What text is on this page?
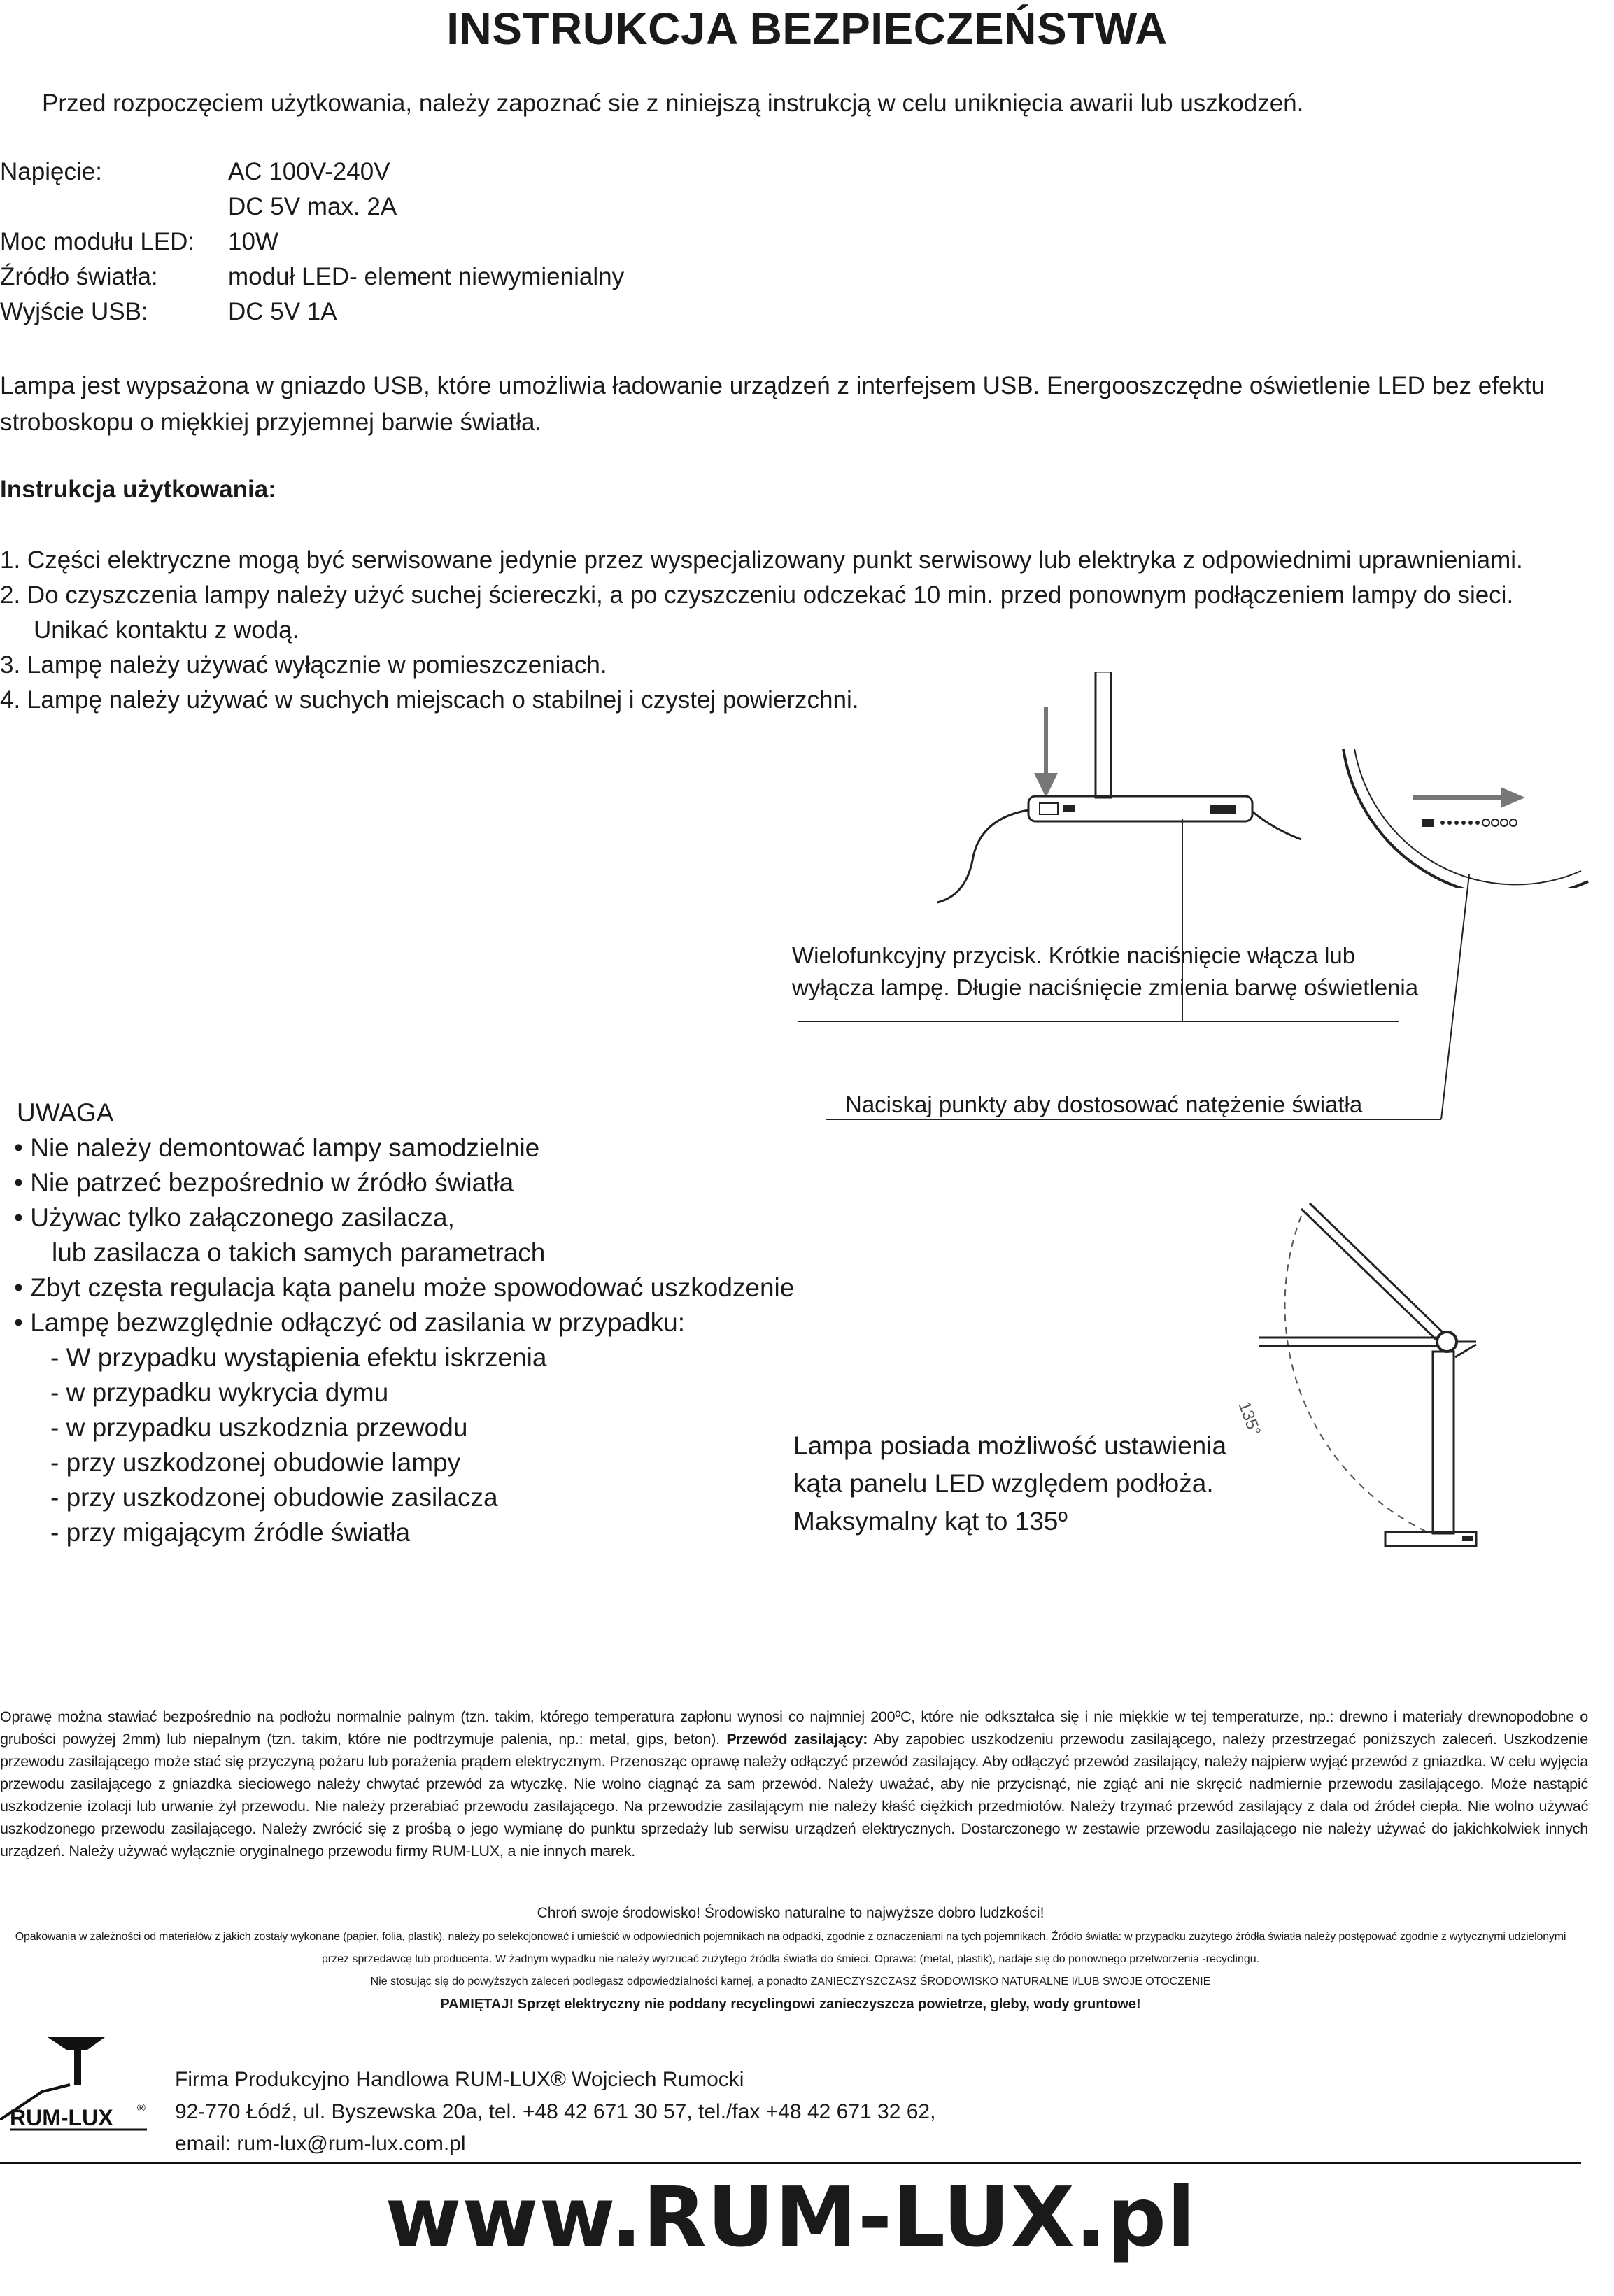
INSTRUKCJA BEZPIECZEŃSTWA
Przed rozpoczęciem użytkowania, należy zapoznać sie z niniejszą instrukcją w celu uniknięcia awarii lub uszkodzeń.
Napięcie:	AC 100V-240V
DC 5V max. 2A
Moc modułu LED: 10W
Źródło światła:	moduł LED- element niewymienialny
Wyjście USB:	DC 5V 1A
Lampa jest wypsażona w gniazdo USB, które umożliwia ładowanie urządzeń z interfejsem USB. Energooszczędne oświetlenie LED bez efektu stroboskopu o miękkiej przyjemnej barwie światła.
Instrukcja użytkowania:
1. Części elektryczne mogą być serwisowane jedynie przez wyspecjalizowany punkt serwisowy lub elektryka z odpowiednimi uprawnieniami.
2. Do czyszczenia lampy należy użyć suchej ściereczki, a po czyszczeniu odczekać 10 min. przed ponownym podłączeniem lampy do sieci.
Unikać kontaktu z wodą.
3. Lampę należy używać wyłącznie w pomieszczeniach.
4. Lampę należy używać w suchych miejscach o stabilnej i czystej powierzchni.
Wielofunkcyjny przycisk. Krótkie naciśnięcie włącza lub
wyłącza lampę. Długie naciśnięcie zmienia barwę oświetlenia
Naciskaj punkty aby dostosować natężenie światła
UWAGA
• Nie należy demontować lampy samodzielnie
• Nie patrzeć bezpośrednio w źródło światła
• Używac tylko załączonego zasilacza,
lub zasilacza o takich samych parametrach
• Zbyt częsta regulacja kąta panelu może spowodować uszkodzenie
• Lampę bezwzględnie odłączyć od zasilania w przypadku:
- W przypadku wystąpienia efektu iskrzenia
- w przypadku wykrycia dymu
- w przypadku uszkodznia przewodu
- przy uszkodzonej obudowie lampy
- przy uszkodzonej obudowie zasilacza
- przy migającym źródle światła
Lampa posiada możliwość ustawienia
kąta panelu LED względem podłoża.
Maksymalny kąt to 135º
135°
Oprawę można stawiać bezpośrednio na podłożu normalnie palnym (tzn. takim, którego temperatura zapłonu wynosi co najmniej 200ºC, które nie odkształca się i nie miękkie w tej temperaturze, np.: drewno i materiały drewnopodobne o grubości powyżej 2mm) lub niepalnym (tzn. takim, które nie podtrzymuje palenia, np.: metal, gips, beton). Przewód zasilający: Aby zapobiec uszkodzeniu przewodu zasilającego, należy przestrzegać poniższych zaleceń. Uszkodzenie przewodu zasilającego może stać się przyczyną pożaru lub porażenia prądem elektrycznym. Przenosząc oprawę należy odłączyć przewód zasilający. Aby odłączyć przewód zasilający, należy najpierw wyjąć przewód z gniazdka. W celu wyjęcia przewodu zasilającego z gniazdka sieciowego należy chwytać przewód za wtyczkę. Nie wolno ciągnąć za sam przewód. Należy uważać, aby nie przycisnąć, nie zgiąć ani nie skręcić nadmiernie przewodu zasilającego. Może nastąpić uszkodzenie izolacji lub urwanie żył przewodu. Nie należy przerabiać przewodu zasilającego. Na przewodzie zasilającym nie należy kłaść ciężkich przedmiotów. Należy trzymać przewód zasilający z dala od źródeł ciepła. Nie wolno używać uszkodzonego przewodu zasilającego. Należy zwrócić się z prośbą o jego wymianę do punktu sprzedaży lub serwisu urządzeń elektrycznych. Dostarczonego w zestawie przewodu zasilającego nie należy używać do jakichkolwiek innych urządzeń. Należy używać wyłącznie oryginalnego przewodu firmy RUM-LUX, a nie innych marek.
Chroń swoje środowisko! Środowisko naturalne to najwyższe dobro ludzkości!
Opakowania w zależności od materiałów z jakich zostały wykonane (papier, folia, plastik), należy po selekcjonować i umieścić w odpowiednich pojemnikach na odpadki, zgodnie z oznaczeniami na tych pojemnikach. Źródło światła: w przypadku zużytego źródła światła należy postępować zgodnie z wytycznymi udzielonymi
przez sprzedawcę lub producenta. W żadnym wypadku nie należy wyrzucać zużytego źródła światła do śmieci. Oprawa: (metal, plastik), nadaje się do ponownego przetworzenia -recyclingu.
Nie stosując się do powyższych zaleceń podlegasz odpowiedzialności karnej, a ponadto ZANIECZYSZCZASZ ŚRODOWISKO NATURALNE I/LUB SWOJE OTOCZENIE
PAMIĘTAJ! Sprzęt elektryczny nie poddany recyclingowi zanieczyszcza powietrze, gleby, wody gruntowe!
RUM-LUX ®
Firma Produkcyjno Handlowa RUM-LUX® Wojciech Rumocki
92-770 Łódź, ul. Byszewska 20a, tel. +48 42 671 30 57, tel./fax +48 42 671 32 62,
email: rum-lux@rum-lux.com.pl
www.RUM-LUX.pl
